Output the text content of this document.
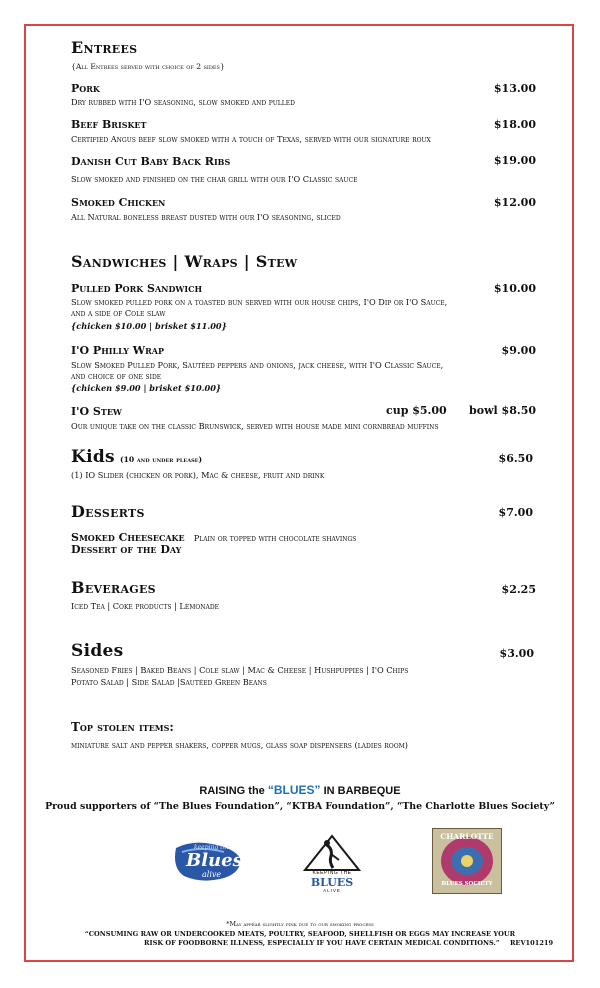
Entrees
{All Entrees served with choice of 2 sides}
Pork	$13.00
Dry rubbed with I'O seasoning, slow smoked and pulled
Beef Brisket	$18.00
Certified Angus beef slow smoked with a touch of Texas, served with our signature roux
Danish Cut Baby Back Ribs	$19.00
Slow smoked and finished on the char grill with our I'O Classic sauce
Smoked Chicken	$12.00
All Natural boneless breast dusted with our I'O seasoning, sliced
Sandwiches | Wraps | Stew
Pulled Pork Sandwich	$10.00
Slow smoked pulled pork on a toasted bun served with our house chips, I'O Dip or I'O Sauce,
and a side of Cole slaw
{chicken $10.00 | brisket $11.00}
I'O Philly Wrap	$9.00
Slow Smoked Pulled Pork, Sautéed peppers and onions, jack cheese, with I'O Classic Sauce,
and choice of one side
{chicken $9.00 | brisket $10.00}
I'O Stew	cup $5.00 bowl $8.50
Our unique take on the classic Brunswick, served with house made mini cornbread muffins
Kids (10 and under please)	$6.50
(1) IO Slider (chicken or pork), Mac & cheese, fruit and drink
Desserts	$7.00
Smoked Cheesecake Plain or topped with chocolate shavings
Dessert of the Day
Beverages	$2.25
Iced Tea | Coke products | Lemonade
Sides	$3.00
Seasoned Fries | Baked Beans | Cole slaw | Mac & Cheese | Hushpuppies | I'O Chips
Potato Salad | Side Salad |Sautéed Green Beans
Top stolen items:
miniature salt and pepper shakers, copper mugs, glass soap dispensers (ladies room)
RAISING the “BLUES” IN BARBEQUE
Proud supporters of “The Blues Foundation”, “KTBA Foundation”, “The Charlotte Blues Society”
keeping the
Blues
alive	KEEPING THE
BLUES
ALIVE
CHARLOTTE
BLUES SOCIETY
*May appear slightly pink due to our smoking process
“CONSUMING RAW OR UNDERCOOKED MEATS, POULTRY, SEAFOOD, SHELLFISH OR EGGS MAY INCREASE YOUR
RISK OF FOODBORNE ILLNESS, ESPECIALLY IF YOU HAVE CERTAIN MEDICAL CONDITIONS.” REV101219
